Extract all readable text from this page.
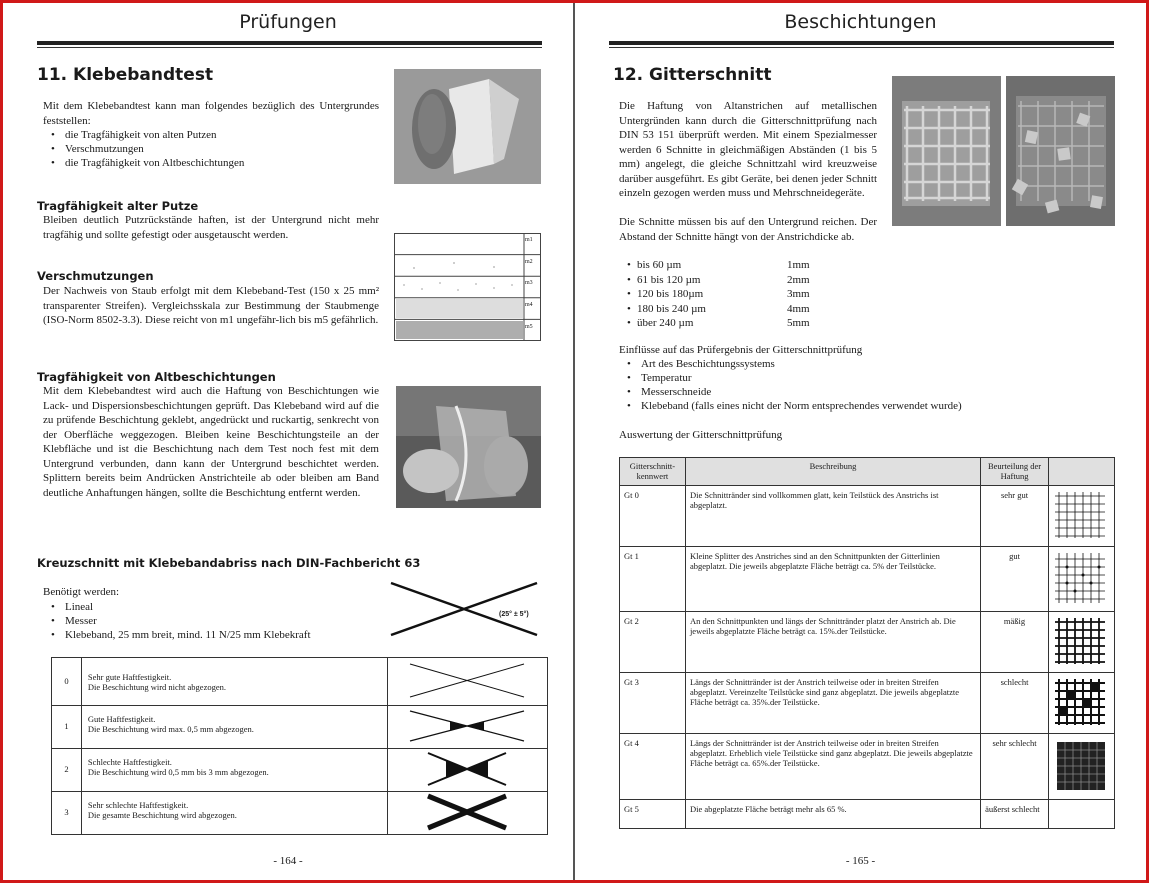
Prüfungen
11. Klebebandtest
Mit dem Klebebandtest kann man folgendes bezüglich des Untergrundes feststellen:
• die Tragfähigkeit von alten Putzen
• Verschmutzungen
• die Tragfähigkeit von Altbeschichtungen
Tragfähigkeit alter Putze
Bleiben deutlich Putzrückstände haften, ist der Untergrund nicht mehr tragfähig und sollte gefestigt oder ausgetauscht werden.	m1
m2
m3
m4
m5
Verschmutzungen
Der Nachweis von Staub erfolgt mit dem Klebeband-Test (150 x 25 mm² transparenter Streifen). Vergleichsskala zur Bestimmung der Staubmenge (ISO-Norm 8502-3.3). Diese reicht von m1 ungefähr-lich bis m5 gefährlich.
Tragfähigkeit von Altbeschichtungen
Mit dem Klebebandtest wird auch die Haftung von Beschichtungen wie Lack- und Dispersionsbeschichtungen geprüft. Das Klebeband wird auf die zu prüfende Beschichtung geklebt, angedrückt und ruckartig, senkrecht von der Oberfläche weggezogen. Bleiben keine Beschichtungsteile an der Klebfläche und ist die Beschichtung nach dem Test noch fest mit dem Untergrund verbunden, dann kann der Untergrund beschichtet werden. Splittern bereits beim Andrücken Anstrichteile ab oder bleiben am Band deutliche Anhaftungen hängen, sollte die Beschichtung entfernt werden.
Kreuzschnitt mit Klebebandabriss nach DIN-Fachbericht 63
Benötigt werden:
• Lineal
• Messer
• Klebeband, 25 mm breit, mind. 11 N/25 mm Klebekraft
(25° ± 5°)
0	Sehr gute Haftfestigkeit.
Die Beschichtung wird nicht abgezogen.

1	Gute Haftfestigkeit.
Die Beschichtung wird max. 0,5 mm abgezogen.

2	Schlechte Haftfestigkeit.
Die Beschichtung wird 0,5 mm bis 3 mm abgezogen.

3	Sehr schlechte Haftfestigkeit.
Die gesamte Beschichtung wird abgezogen.

- 164 -
Beschichtungen
12. Gitterschnitt
Die Haftung von Altanstrichen auf metallischen Untergründen kann durch die Gitterschnittprüfung nach DIN 53 151 überprüft werden. Mit einem Spezialmesser werden 6 Schnitte in gleichmäßigen Abständen (1 bis 5 mm) angelegt, die gleiche Schnittzahl wird kreuzweise darüber ausgeführt. Es gibt Geräte, bei denen jeder Schnitt einzeln gezogen werden muss und Mehrschneidegeräte.
Die Schnitte müssen bis auf den Untergrund reichen. Der Abstand der Schnitte hängt von der Anstrichdicke ab.
• bis 60 µm	1mm
• 61 bis 120 µm	2mm
• 120 bis 180µm	3mm
• 180 bis 240 µm	4mm
• über 240 µm	5mm
Einflüsse auf das Prüfergebnis der Gitterschnittprüfung
• Art des Beschichtungssystems
• Temperatur
• Messerschneide
• Klebeband (falls eines nicht der Norm entsprechendes verwendet wurde)
Auswertung der Gitterschnittprüfung
Gitterschnitt-kennwert	Beschreibung	Beurteilung der Haftung	
Gt 0	Die Schnittränder sind vollkommen glatt, kein Teilstück des Anstrichs ist abgeplatzt.	sehr gut	
Gt 1	Kleine Splitter des Anstriches sind an den Schnittpunkten der Gitterlinien abgeplatzt. Die jeweils abgeplatzte Fläche beträgt ca. 5% der Teilstücke.	gut	
Gt 2	An den Schnittpunkten und längs der Schnittränder platzt der Anstrich ab. Die jeweils abgeplatzte Fläche beträgt ca. 15%.der Teilstücke.	mäßig	
Gt 3	Längs der Schnittränder ist der Anstrich teilweise oder in breiten Streifen abgeplatzt. Vereinzelte Teilstücke sind ganz abgeplatzt. Die jeweils abgeplatzte Fläche beträgt ca. 35%.der Teilstücke.	schlecht	
Gt 4	Längs der Schnittränder ist der Anstrich teilweise oder in breiten Streifen abgeplatzt. Erheblich viele Teilstücke sind ganz abgeplatzt. Die jeweils abgeplatzte Fläche beträgt ca. 65%.der Teilstücke.	sehr schlecht	
Gt 5	Die abgeplatzte Fläche beträgt mehr als 65 %.	äußerst schlecht	
- 165 -
